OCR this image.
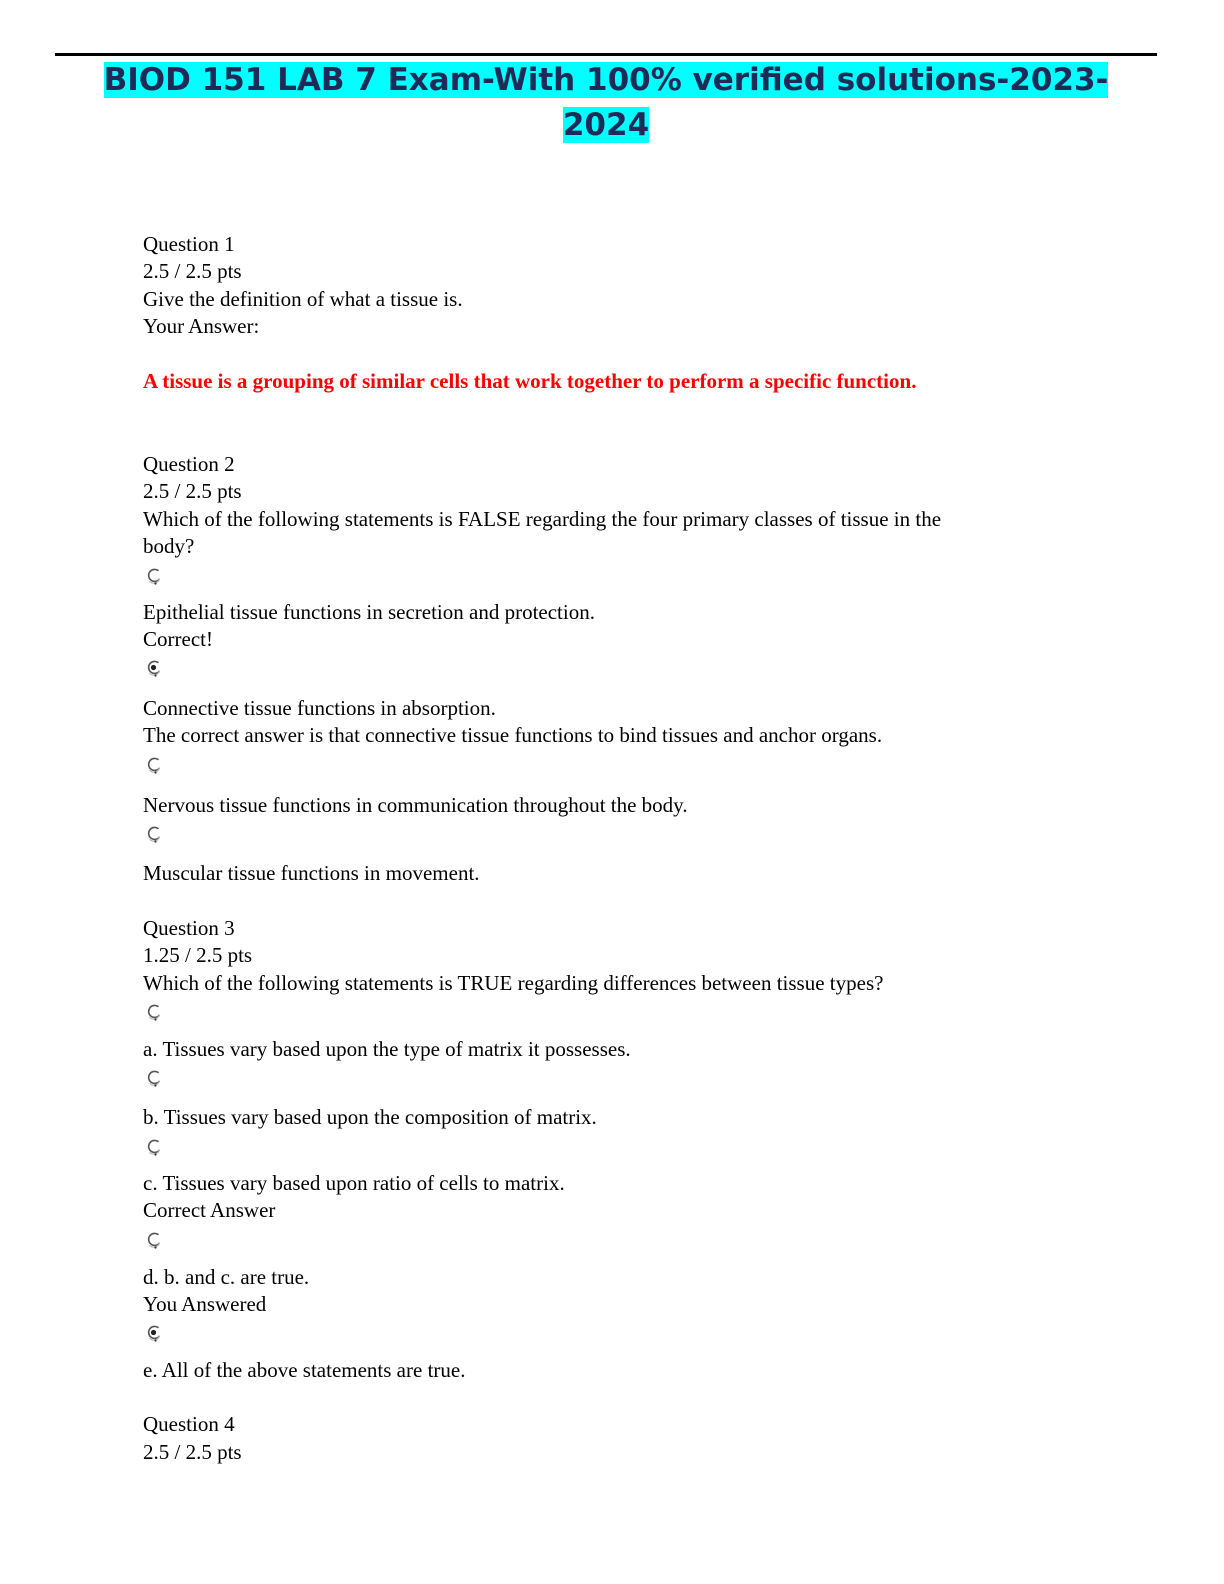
BIOD 151 LAB 7 Exam-With 100% verified solutions-2023-
2024
Question 1
2.5 / 2.5 pts
Give the definition of what a tissue is.
Your Answer:
A tissue is a grouping of similar cells that work together to perform a specific function.
Question 2
2.5 / 2.5 pts
Which of the following statements is FALSE regarding the four primary classes of tissue in the
body?
Epithelial tissue functions in secretion and protection.
Correct!
Connective tissue functions in absorption.
The correct answer is that connective tissue functions to bind tissues and anchor organs.
Nervous tissue functions in communication throughout the body.
Muscular tissue functions in movement.
Question 3
1.25 / 2.5 pts
Which of the following statements is TRUE regarding differences between tissue types?
a. Tissues vary based upon the type of matrix it possesses.
b. Tissues vary based upon the composition of matrix.
c. Tissues vary based upon ratio of cells to matrix.
Correct Answer
d. b. and c. are true.
You Answered
e. All of the above statements are true.
Question 4
2.5 / 2.5 pts
